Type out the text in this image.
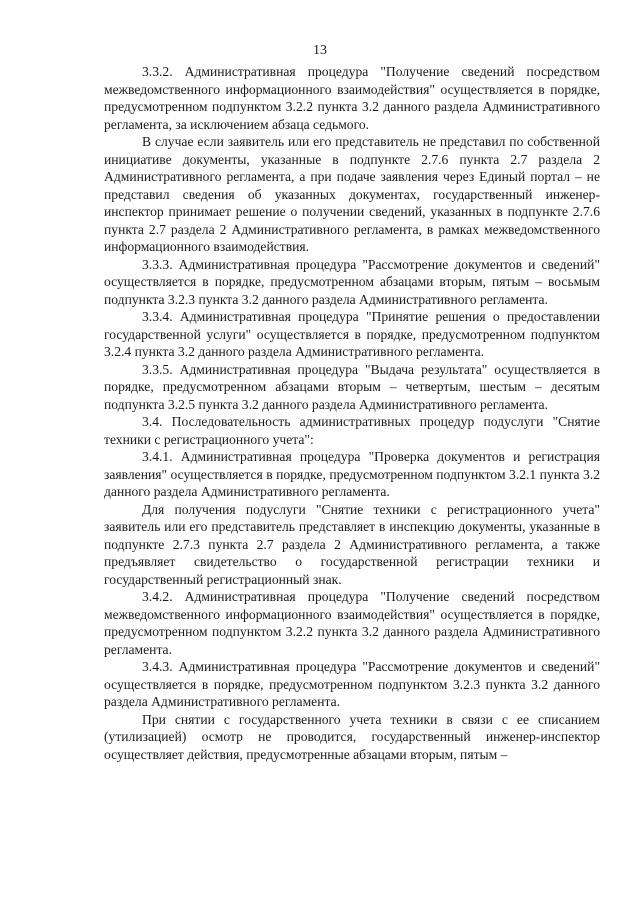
13

3.3.2. Административная процедура "Получение сведений посредством межведомственного информационного взаимодействия" осуществляется в порядке, предусмотренном подпунктом 3.2.2 пункта 3.2 данного раздела Административного регламента, за исключением абзаца седьмого.

В случае если заявитель или его представитель не представил по собственной инициативе документы, указанные в подпункте 2.7.6 пункта 2.7 раздела 2 Административного регламента, а при подаче заявления через Единый портал – не представил сведения об указанных документах, государственный инженер-инспектор принимает решение о получении сведений, указанных в подпункте 2.7.6 пункта 2.7 раздела 2 Административного регламента, в рамках межведомственного информационного взаимодействия.

3.3.3. Административная процедура "Рассмотрение документов и сведений" осуществляется в порядке, предусмотренном абзацами вторым, пятым – восьмым подпункта 3.2.3 пункта 3.2 данного раздела Административного регламента.

3.3.4. Административная процедура "Принятие решения о предоставлении государственной услуги" осуществляется в порядке, предусмотренном подпунктом 3.2.4 пункта 3.2 данного раздела Административного регламента.

3.3.5. Административная процедура "Выдача результата" осуществляется в порядке, предусмотренном абзацами вторым – четвертым, шестым – десятым подпункта 3.2.5 пункта 3.2 данного раздела Административного регламента.

3.4. Последовательность административных процедур подуслуги "Снятие техники с регистрационного учета":

3.4.1. Административная процедура "Проверка документов и регистрация заявления" осуществляется в порядке, предусмотренном подпунктом 3.2.1 пункта 3.2 данного раздела Административного регламента.

Для получения подуслуги "Снятие техники с регистрационного учета" заявитель или его представитель представляет в инспекцию документы, указанные в подпункте 2.7.3 пункта 2.7 раздела 2 Административного регламента, а также предъявляет свидетельство о государственной регистрации техники и государственный регистрационный знак.

3.4.2. Административная процедура "Получение сведений посредством межведомственного информационного взаимодействия" осуществляется в порядке, предусмотренном подпунктом 3.2.2 пункта 3.2 данного раздела Административного регламента.

3.4.3. Административная процедура "Рассмотрение документов и сведений" осуществляется в порядке, предусмотренном подпунктом 3.2.3 пункта 3.2 данного раздела Административного регламента.

При снятии с государственного учета техники в связи с ее списанием (утилизацией) осмотр не проводится, государственный инженер-инспектор осуществляет действия, предусмотренные абзацами вторым, пятым –
